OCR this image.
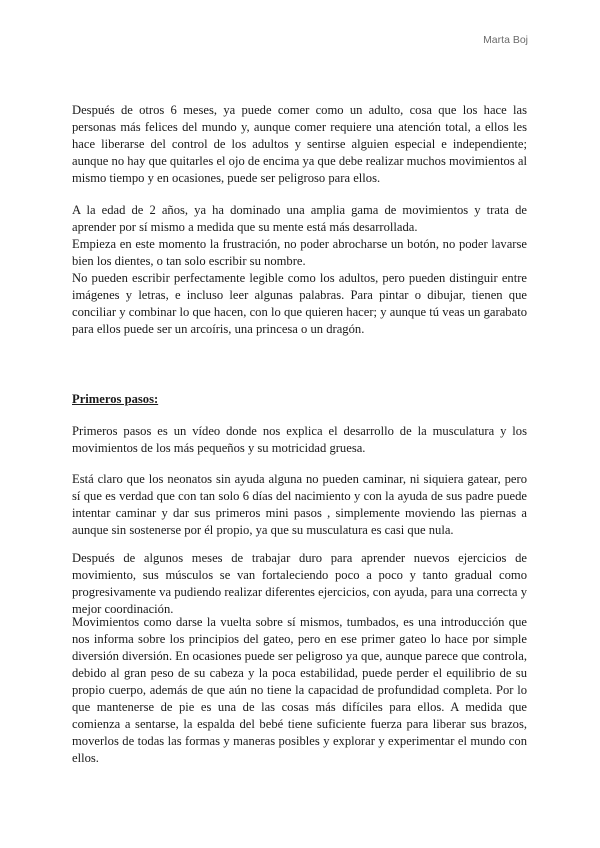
Marta Boj

Después de otros 6 meses, ya puede comer como un adulto, cosa que los hace las personas más felices del mundo y, aunque comer requiere una atención total, a ellos les hace liberarse del control de los adultos y sentirse alguien especial e independiente; aunque no hay que quitarles el ojo de encima ya que debe realizar muchos movimientos al mismo tiempo y en ocasiones, puede ser peligroso para ellos.

A la edad de 2 años, ya ha dominado una amplia gama de movimientos y trata de aprender por sí mismo a medida que su mente está más desarrollada.

Empieza en este momento la frustración, no poder abrocharse un botón, no poder lavarse bien los dientes, o tan solo escribir su nombre.

No pueden escribir perfectamente legible como los adultos, pero pueden distinguir entre imágenes y letras, e incluso leer algunas palabras. Para pintar o dibujar, tienen que conciliar y combinar lo que hacen, con lo que quieren hacer; y aunque tú veas un garabato para ellos puede ser un arcoíris, una princesa o un dragón.

Primeros pasos:

Primeros pasos es un vídeo donde nos explica el desarrollo de la musculatura y los movimientos de los más pequeños y su motricidad gruesa.

Está claro que los neonatos sin ayuda alguna no pueden caminar, ni siquiera gatear, pero sí que es verdad que con tan solo 6 días del nacimiento y con la ayuda de sus padre puede intentar caminar y dar sus primeros mini pasos , simplemente moviendo las piernas a aunque sin sostenerse por él propio, ya que su musculatura es casi que nula.

Después de algunos meses de trabajar duro para aprender nuevos ejercicios de movimiento, sus músculos se van fortaleciendo poco a poco y tanto gradual como progresivamente va pudiendo realizar diferentes ejercicios, con ayuda, para una correcta y mejor coordinación.

Movimientos como darse la vuelta sobre sí mismos, tumbados, es una introducción que nos informa sobre los principios del gateo, pero en ese primer gateo lo hace por simple diversión diversión. En ocasiones puede ser peligroso ya que, aunque parece que controla, debido al gran peso de su cabeza y la poca estabilidad, puede perder el equilibrio de su propio cuerpo, además de que aún no tiene la capacidad de profundidad completa. Por lo que mantenerse de pie es una de las cosas más difíciles para ellos. A medida que comienza a sentarse, la espalda del bebé tiene suficiente fuerza para liberar sus brazos, moverlos de todas las formas y maneras posibles y explorar y experimentar el mundo con ellos.
